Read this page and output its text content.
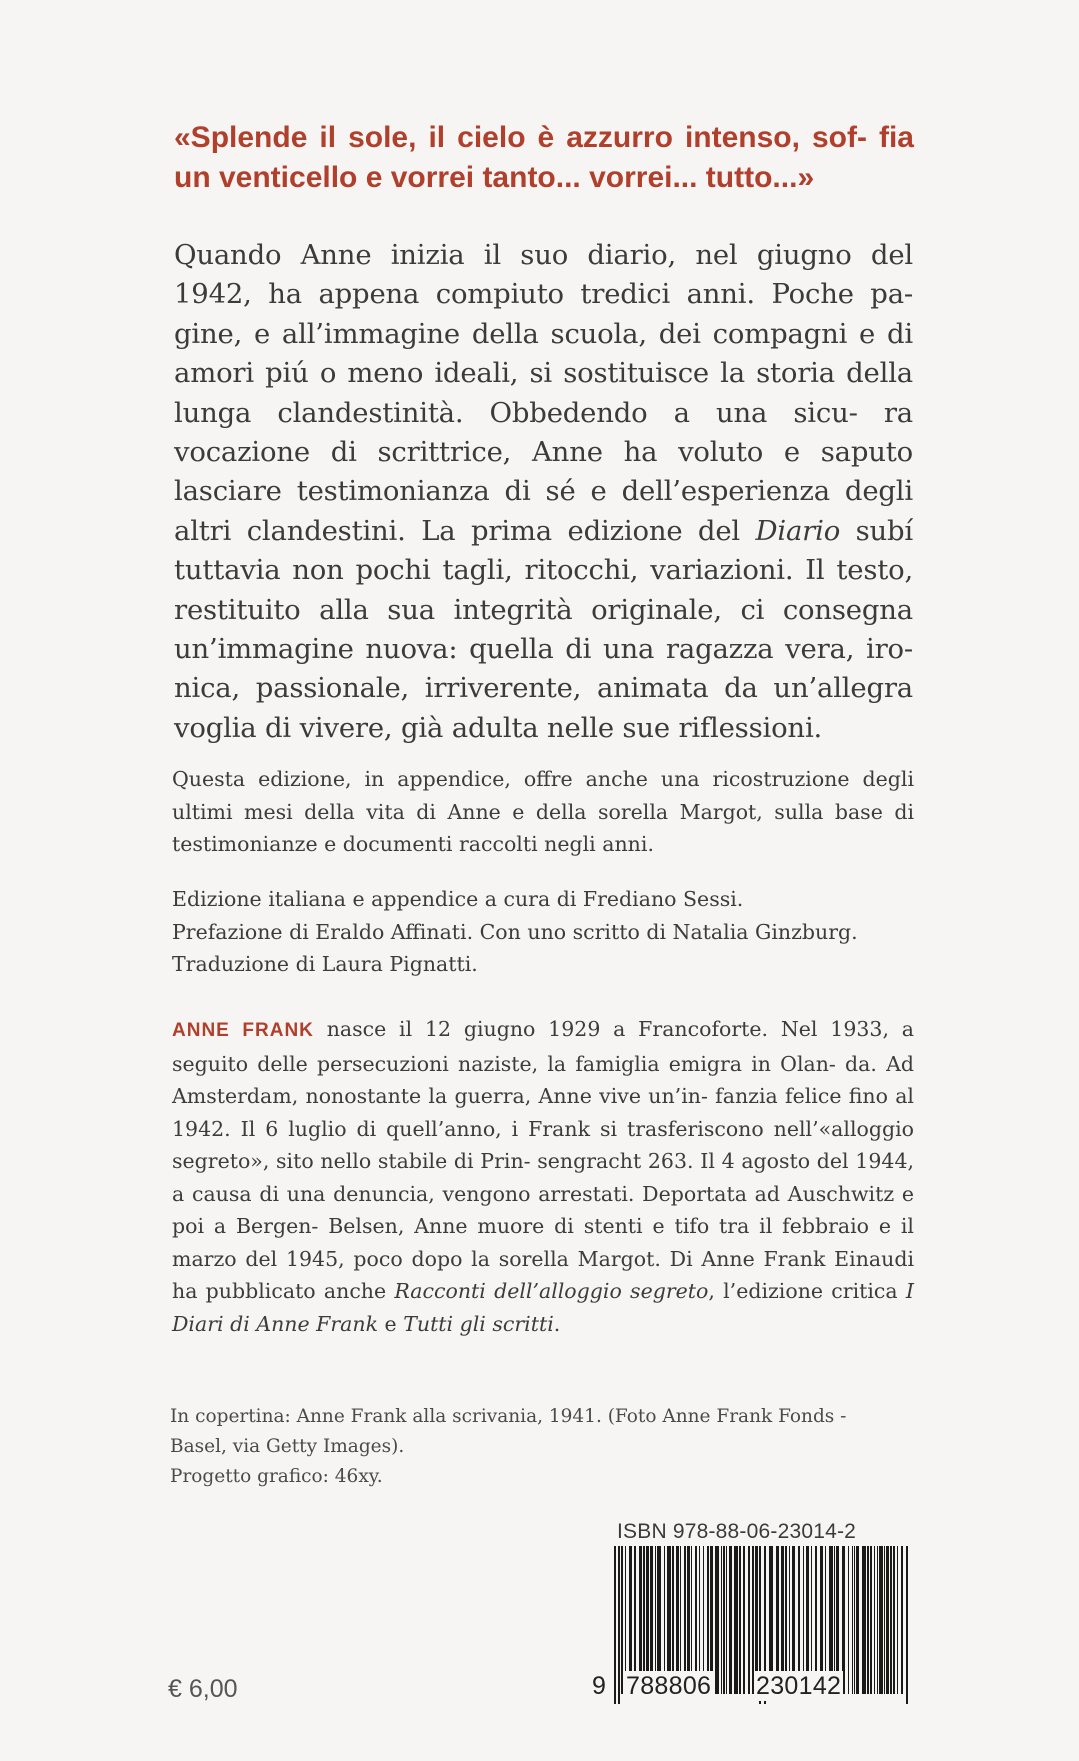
«Splende il sole, il cielo è azzurro intenso, sof- fia un venticello e vorrei tanto... vorrei... tutto...»

Quando Anne inizia il suo diario, nel giugno del 1942, ha appena compiuto tredici anni. Poche pa- gine, e all’immagine della scuola, dei compagni e di amori piú o meno ideali, si sostituisce la storia della lunga clandestinità. Obbedendo a una sicu- ra vocazione di scrittrice, Anne ha voluto e saputo lasciare testimonianza di sé e dell’esperienza degli altri clandestini. La prima edizione del Diario subí tuttavia non pochi tagli, ritocchi, variazioni. Il testo, restituito alla sua integrità originale, ci consegna un’immagine nuova: quella di una ragazza vera, iro- nica, passionale, irriverente, animata da un’allegra voglia di vivere, già adulta nelle sue riflessioni.

Questa edizione, in appendice, offre anche una ricostruzione degli ultimi mesi della vita di Anne e della sorella Margot, sulla base di testimonianze e documenti raccolti negli anni.

Edizione italiana e appendice a cura di Frediano Sessi.
Prefazione di Eraldo Affinati. Con uno scritto di Natalia Ginzburg.
Traduzione di Laura Pignatti.

ANNE FRANK nasce il 12 giugno 1929 a Francoforte. Nel 1933, a seguito delle persecuzioni naziste, la famiglia emigra in Olan- da. Ad Amsterdam, nonostante la guerra, Anne vive un’in- fanzia felice fino al 1942. Il 6 luglio di quell’anno, i Frank si trasferiscono nell’«alloggio segreto», sito nello stabile di Prin- sengracht 263. Il 4 agosto del 1944, a causa di una denuncia, vengono arrestati. Deportata ad Auschwitz e poi a Bergen- Belsen, Anne muore di stenti e tifo tra il febbraio e il marzo del 1945, poco dopo la sorella Margot. Di Anne Frank Einaudi ha pubblicato anche Racconti dell’alloggio segreto, l’edizione critica I Diari di Anne Frank e Tutti gli scritti.

In copertina: Anne Frank alla scrivania, 1941. (Foto Anne Frank Fonds -
Basel, via Getty Images).
Progetto grafico: 46xy.
€ 6,00
ISBN 978-88-06-23014-2
9 788806 230142
